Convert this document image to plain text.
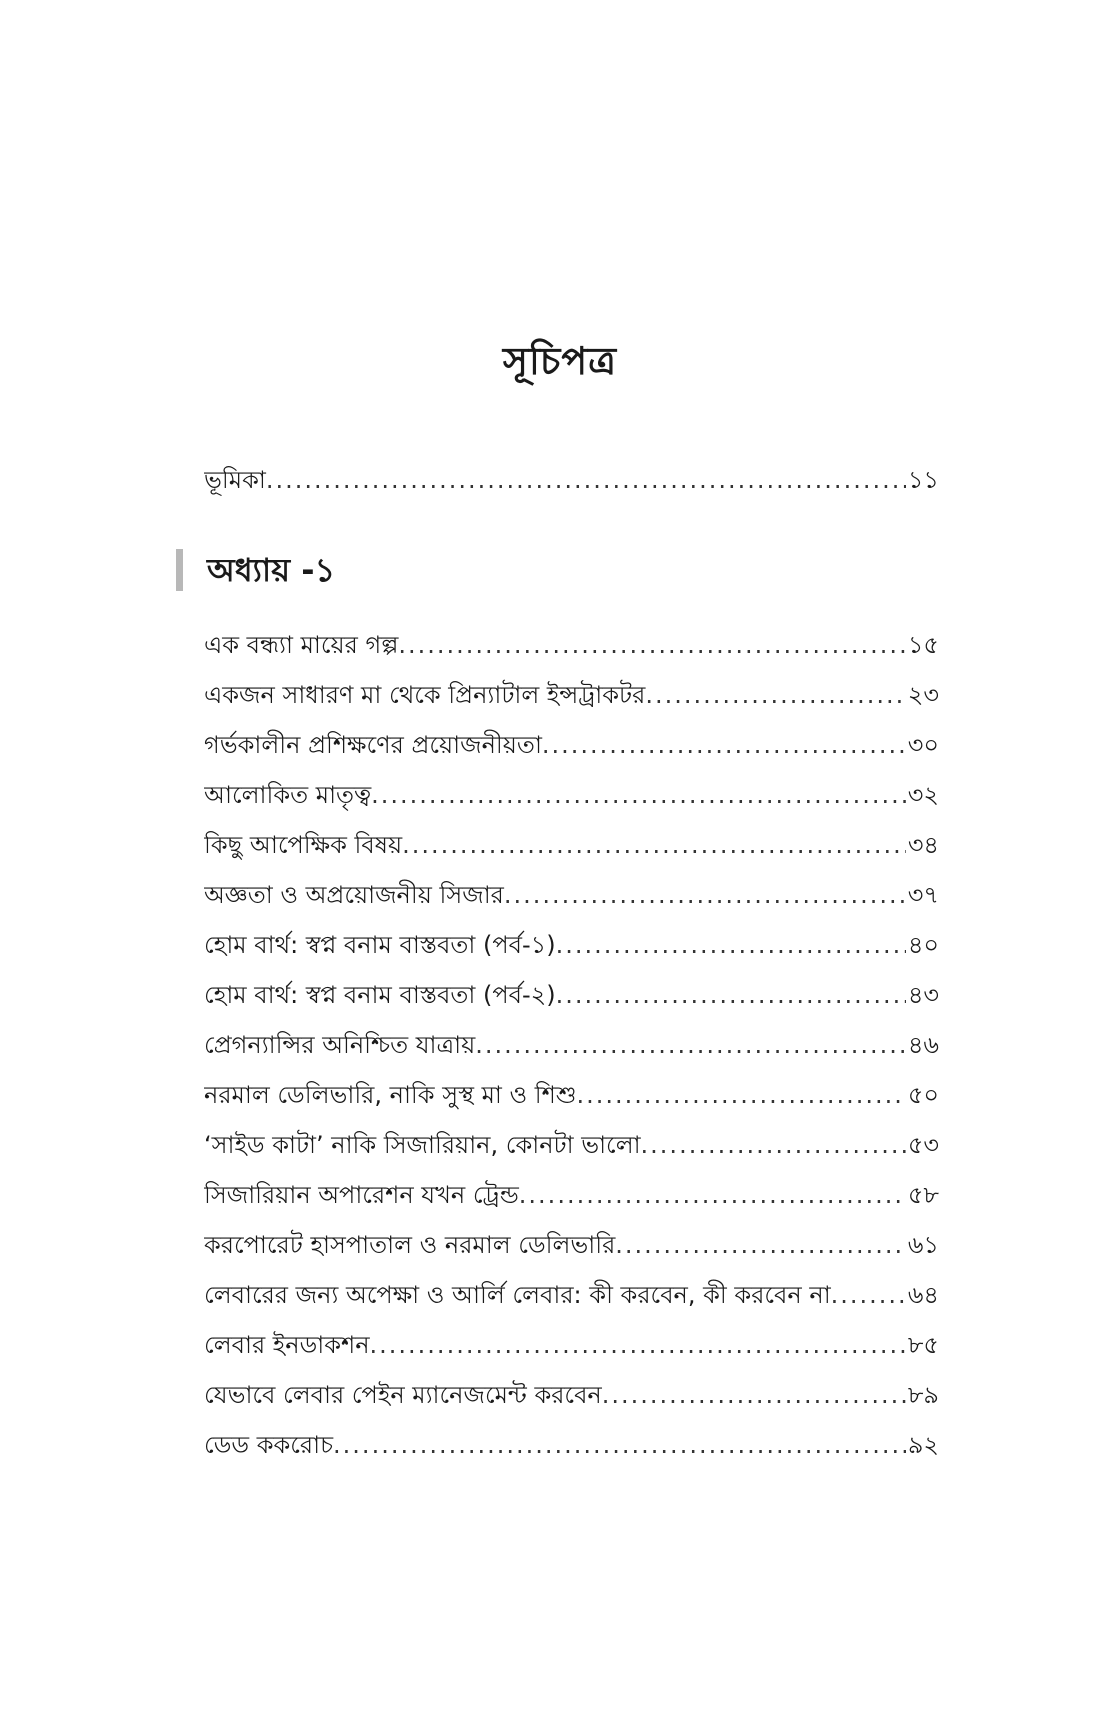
সূচিপত্র
ভূমিকা .....	১১
অধ্যায় -১
এক বন্ধ্যা মায়ের গল্প .....	১৫
একজন সাধারণ মা থেকে প্রিন্যাটাল ইন্সট্রাকটর .....	২৩
গর্ভকালীন প্রশিক্ষণের প্রয়োজনীয়তা .....	৩০
আলোকিত মাতৃত্ব .....	৩২
কিছু আপেক্ষিক বিষয় .....	৩৪
অজ্ঞতা ও অপ্রয়োজনীয় সিজার .....	৩৭
হোম বার্থ: স্বপ্ন বনাম বাস্তবতা (পর্ব-১) .....	৪০
হোম বার্থ: স্বপ্ন বনাম বাস্তবতা (পর্ব-২) .....	৪৩
প্রেগন্যান্সির অনিশ্চিত যাত্রায় .....	৪৬
নরমাল ডেলিভারি, নাকি সুস্থ মা ও শিশু .....	৫০
‘সাইড কাটা’ নাকি সিজারিয়ান, কোনটা ভালো .....	৫৩
সিজারিয়ান অপারেশন যখন ট্রেন্ড .....	৫৮
করপোরেট হাসপাতাল ও নরমাল ডেলিভারি .....	৬১
লেবারের জন্য অপেক্ষা ও আর্লি লেবার: কী করবেন, কী করবেন না .....	৬৪
লেবার ইনডাকশন .....	৮৫
যেভাবে লেবার পেইন ম্যানেজমেন্ট করবেন .....	৮৯
ডেড ককরোচ .....	৯২
